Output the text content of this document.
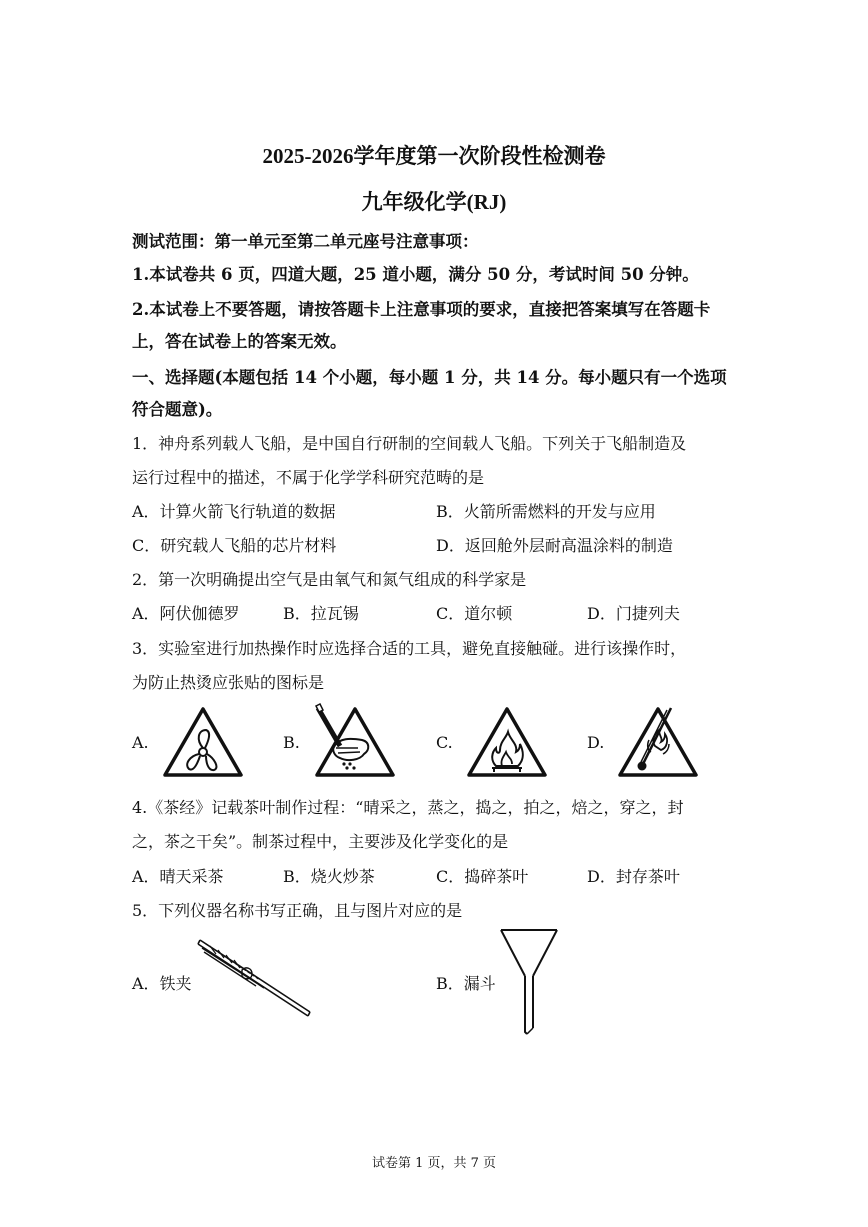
2025-2026学年度第一次阶段性检测卷
九年级化学(RJ)
测试范围：第一单元至第二单元座号注意事项：
1.本试卷共 6 页，四道大题，25 道小题，满分 50 分，考试时间 50 分钟。
2.本试卷上不要答题，请按答题卡上注意事项的要求，直接把答案填写在答题卡
上，答在试卷上的答案无效。
一、选择题(本题包括 14 个小题，每小题 1 分，共 14 分。每小题只有一个选项
符合题意)。
1．神舟系列载人飞船，是中国自行研制的空间载人飞船。下列关于飞船制造及
运行过程中的描述，不属于化学学科研究范畴的是
A．计算火箭飞行轨道的数据	B．火箭所需燃料的开发与应用
C．研究载人飞船的芯片材料	D．返回舱外层耐高温涂料的制造
2．第一次明确提出空气是由氧气和氮气组成的科学家是
A．阿伏伽德罗	B．拉瓦锡	C．道尔顿	D．门捷列夫
3．实验室进行加热操作时应选择合适的工具，避免直接触碰。进行该操作时，
为防止热烫应张贴的图标是
A.	B.	C.	D.
4.《茶经》记载茶叶制作过程：“晴采之，蒸之，捣之，拍之，焙之，穿之，封
之，茶之干矣”。制茶过程中，主要涉及化学变化的是
A．晴天采茶	B．烧火炒茶	C．捣碎茶叶	D．封存茶叶
5．下列仪器名称书写正确，且与图片对应的是
A．铁夹	B．漏斗
试卷第 1 页，共 7 页
